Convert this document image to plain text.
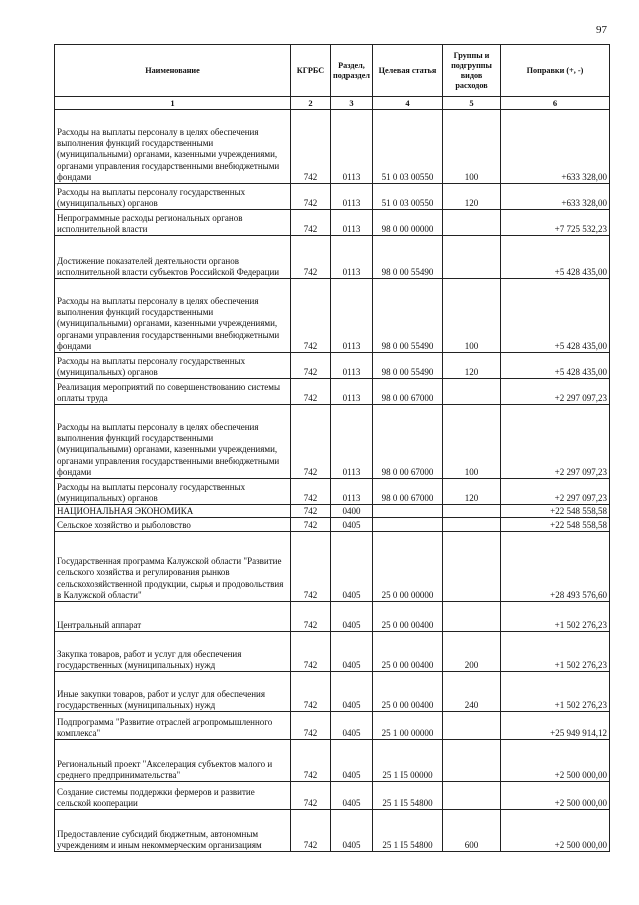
97
Наименование	КГРБС	Раздел, подраздел	Целевая статья	Группы и подгруппы видов расходов	Поправки (+, -)
1	2	3	4	5	6
Расходы на выплаты персоналу в целях обеспечения выполнения функций государственными (муниципальными) органами, казенными учреждениями, органами управления государственными внебюджетными фондами	742	0113	51 0 03 00550	100	+633 328,00
Расходы на выплаты персоналу государственных (муниципальных) органов	742	0113	51 0 03 00550	120	+633 328,00
Непрограммные расходы региональных органов исполнительной власти	742	0113	98 0 00 00000		+7 725 532,23
Достижение показателей деятельности органов исполнительной власти субъектов Российской Федерации	742	0113	98 0 00 55490		+5 428 435,00
Расходы на выплаты персоналу в целях обеспечения выполнения функций государственными (муниципальными) органами, казенными учреждениями, органами управления государственными внебюджетными фондами	742	0113	98 0 00 55490	100	+5 428 435,00
Расходы на выплаты персоналу государственных (муниципальных) органов	742	0113	98 0 00 55490	120	+5 428 435,00
Реализация мероприятий по совершенствованию системы оплаты труда	742	0113	98 0 00 67000		+2 297 097,23
Расходы на выплаты персоналу в целях обеспечения выполнения функций государственными (муниципальными) органами, казенными учреждениями, органами управления государственными внебюджетными фондами	742	0113	98 0 00 67000	100	+2 297 097,23
Расходы на выплаты персоналу государственных (муниципальных) органов	742	0113	98 0 00 67000	120	+2 297 097,23
НАЦИОНАЛЬНАЯ ЭКОНОМИКА	742	0400			+22 548 558,58
Сельское хозяйство и рыболовство	742	0405			+22 548 558,58
Государственная программа Калужской области "Развитие сельского хозяйства и регулирования рынков сельскохозяйственной продукции, сырья и продовольствия в Калужской области"	742	0405	25 0 00 00000		+28 493 576,60
Центральный аппарат	742	0405	25 0 00 00400		+1 502 276,23
Закупка товаров, работ и услуг для обеспечения государственных (муниципальных) нужд	742	0405	25 0 00 00400	200	+1 502 276,23
Иные закупки товаров, работ и услуг для обеспечения государственных (муниципальных) нужд	742	0405	25 0 00 00400	240	+1 502 276,23
Подпрограмма "Развитие отраслей агропромышленного комплекса"	742	0405	25 1 00 00000		+25 949 914,12
Региональный проект "Акселерация субъектов малого и среднего предпринимательства"	742	0405	25 1 I5 00000		+2 500 000,00
Создание системы поддержки фермеров и развитие сельской кооперации	742	0405	25 1 I5 54800		+2 500 000,00
Предоставление субсидий бюджетным, автономным учреждениям и иным некоммерческим организациям	742	0405	25 1 I5 54800	600	+2 500 000,00
